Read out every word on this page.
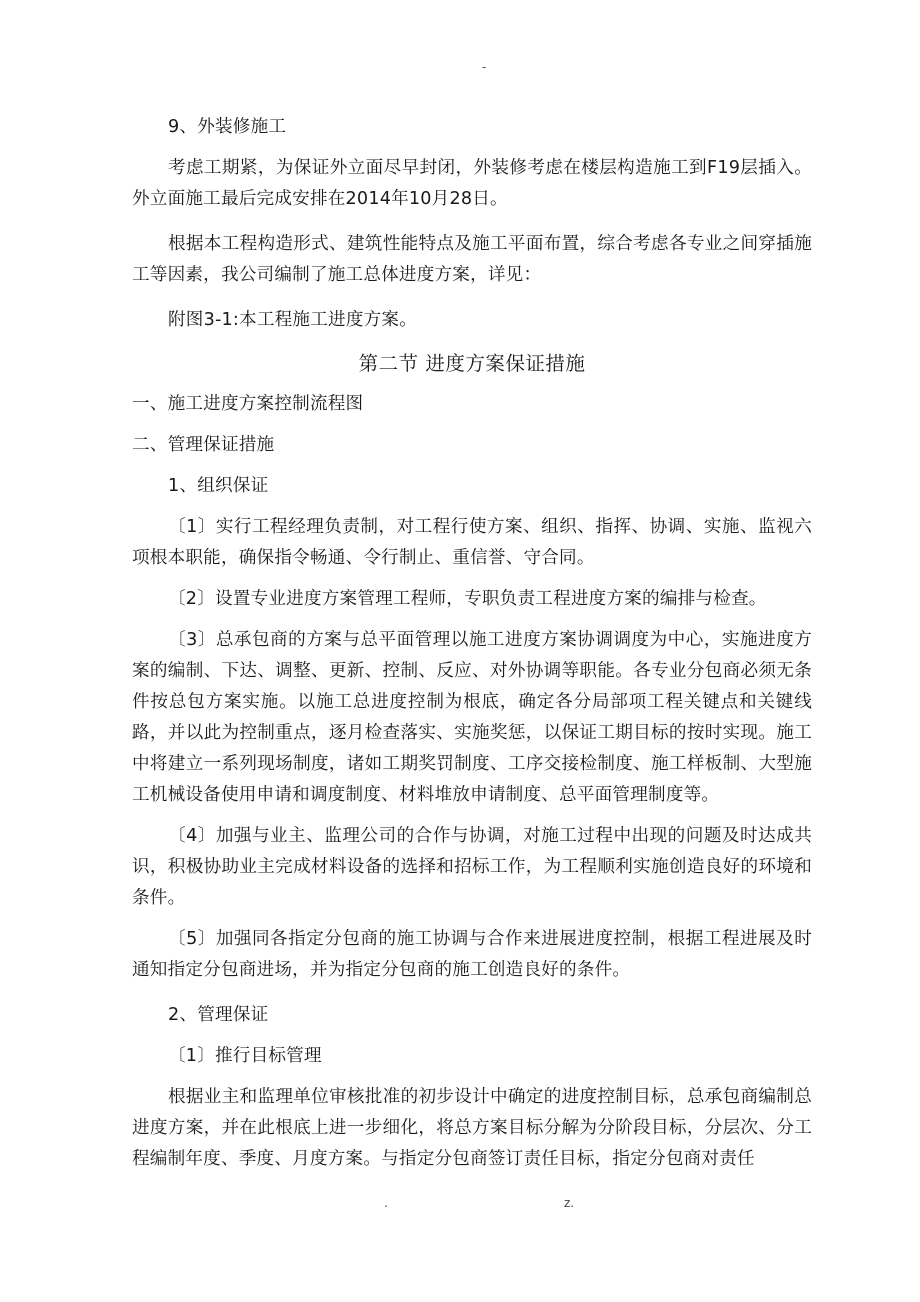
-

9、外装修施工

考虑工期紧，为保证外立面尽早封闭，外装修考虑在楼层构造施工到F19层插入。外立面施工最后完成安排在2014年10月28日。

根据本工程构造形式、建筑性能特点及施工平面布置，综合考虑各专业之间穿插施工等因素，我公司编制了施工总体进度方案，详见：

附图3-1:本工程施工进度方案。

第二节 进度方案保证措施

一、施工进度方案控制流程图

二、管理保证措施

1、组织保证

〔1〕实行工程经理负责制，对工程行使方案、组织、指挥、协调、实施、监视六项根本职能，确保指令畅通、令行制止、重信誉、守合同。

〔2〕设置专业进度方案管理工程师，专职负责工程进度方案的编排与检查。

〔3〕总承包商的方案与总平面管理以施工进度方案协调调度为中心，实施进度方案的编制、下达、调整、更新、控制、反应、对外协调等职能。各专业分包商必须无条件按总包方案实施。以施工总进度控制为根底，确定各分局部项工程关键点和关键线路，并以此为控制重点，逐月检查落实、实施奖惩，以保证工期目标的按时实现。施工中将建立一系列现场制度，诸如工期奖罚制度、工序交接检制度、施工样板制、大型施工机械设备使用申请和调度制度、材料堆放申请制度、总平面管理制度等。

〔4〕加强与业主、监理公司的合作与协调，对施工过程中出现的问题及时达成共识，积极协助业主完成材料设备的选择和招标工作，为工程顺利实施创造良好的环境和条件。

〔5〕加强同各指定分包商的施工协调与合作来进展进度控制，根据工程进展及时通知指定分包商进场，并为指定分包商的施工创造良好的条件。

2、管理保证

〔1〕推行目标管理

根据业主和监理单位审核批准的初步设计中确定的进度控制目标，总承包商编制总进度方案，并在此根底上进一步细化，将总方案目标分解为分阶段目标，分层次、分工程编制年度、季度、月度方案。与指定分包商签订责任目标，指定分包商对责任

.	z.
